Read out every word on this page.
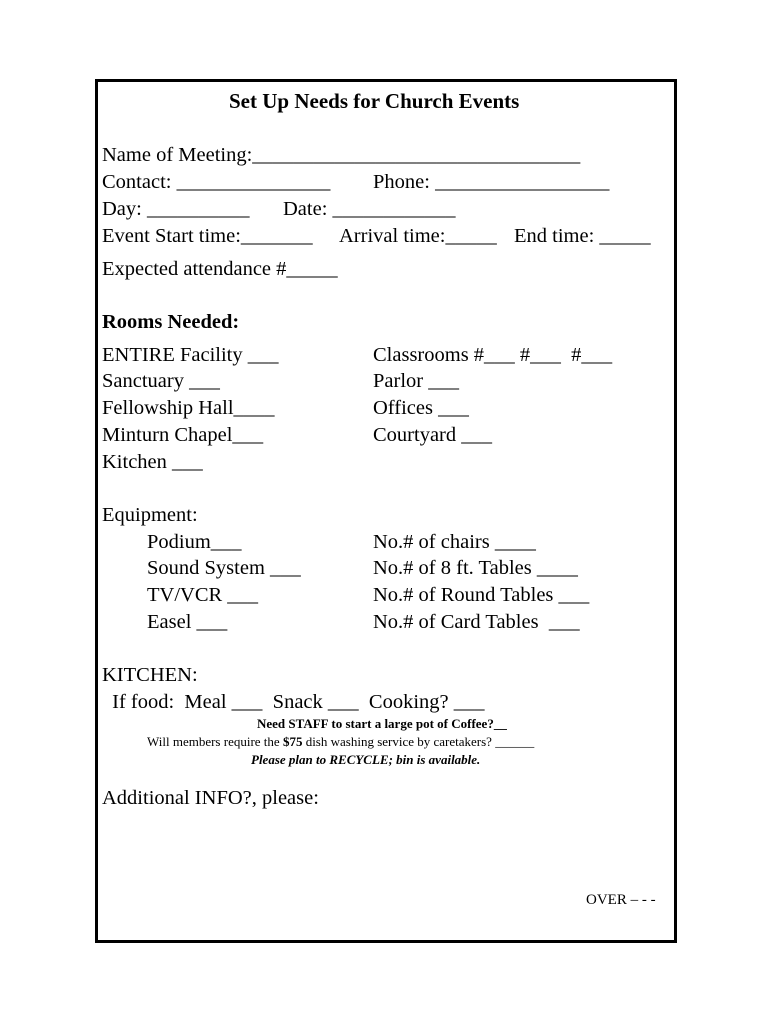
Set Up Needs for Church Events
Name of Meeting:________________________________
Contact: _______________ Phone: _________________
Day: __________ Date: ____________
Event Start time:_______ Arrival time:_____ End time: _____
Expected attendance #_____
Rooms Needed:
ENTIRE Facility ___
Sanctuary ___
Fellowship Hall____
Minturn Chapel___
Kitchen ___
Classrooms #___ #___  #___
Parlor ___
Offices ___
Courtyard ___
Equipment:
Podium___
Sound System ___
TV/VCR ___
Easel ___
No.# of chairs ____
No.# of 8 ft. Tables ____
No.# of Round Tables ___
No.# of Card Tables  ___
KITCHEN:
If food:  Meal ___  Snack ___  Cooking? ___
Need STAFF to start a large pot of Coffee?__
Will members require the $75 dish washing service by caretakers? ______
Please plan to RECYCLE; bin is available.
Additional INFO?, please:
OVER – - -
